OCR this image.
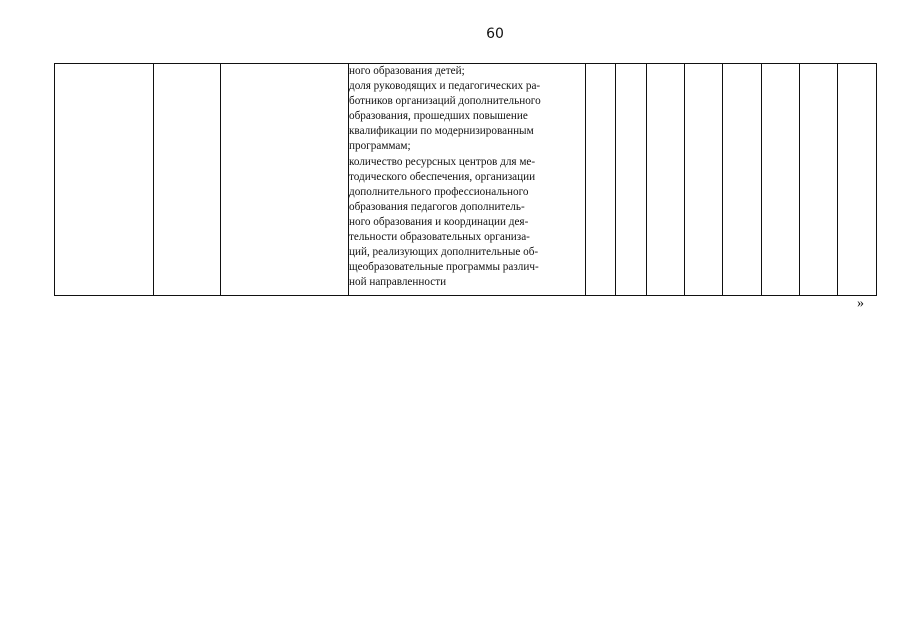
60

ного образования детей;

доля руководящих и педагогических ра-

ботников организаций дополнительного

образования, прошедших повышение

квалификации по модернизированным

программам;

количество ресурсных центров для ме-

тодического обеспечения, организации

дополнительного профессионального

образования педагогов дополнитель-

ного образования и координации дея-

тельности образовательных организа-

ций, реализующих дополнительные об-

щеобразовательные программы различ-

ной направленности

»
